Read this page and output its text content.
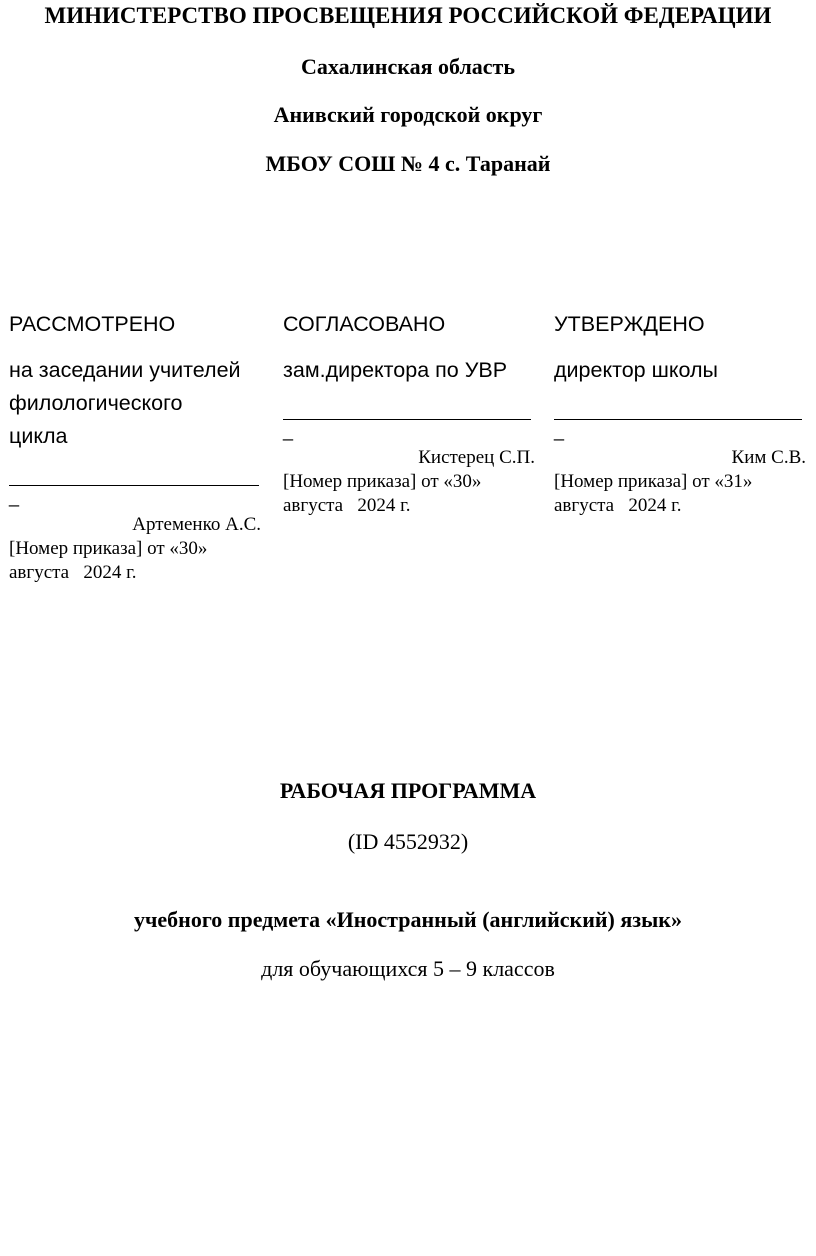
МИНИСТЕРСТВО ПРОСВЕЩЕНИЯ РОССИЙСКОЙ ФЕДЕРАЦИИ
Сахалинская область
Анивский городской округ
МБОУ СОШ № 4 с. Таранай
РАССМОТРЕНО
на заседании учителей
филологического
цикла
_
Артеменко А.С.
[Номер приказа] от «30»
августа   2024 г.
СОГЛАСОВАНО
зам.директора по УВР
_
Кистерец С.П.
[Номер приказа] от «30»
августа   2024 г.
УТВЕРЖДЕНО
директор школы
_
Ким С.В.
[Номер приказа] от «31»
августа   2024 г.
РАБОЧАЯ ПРОГРАММА
(ID 4552932)
учебного предмета «Иностранный (английский) язык»
для обучающихся 5 – 9 классов
